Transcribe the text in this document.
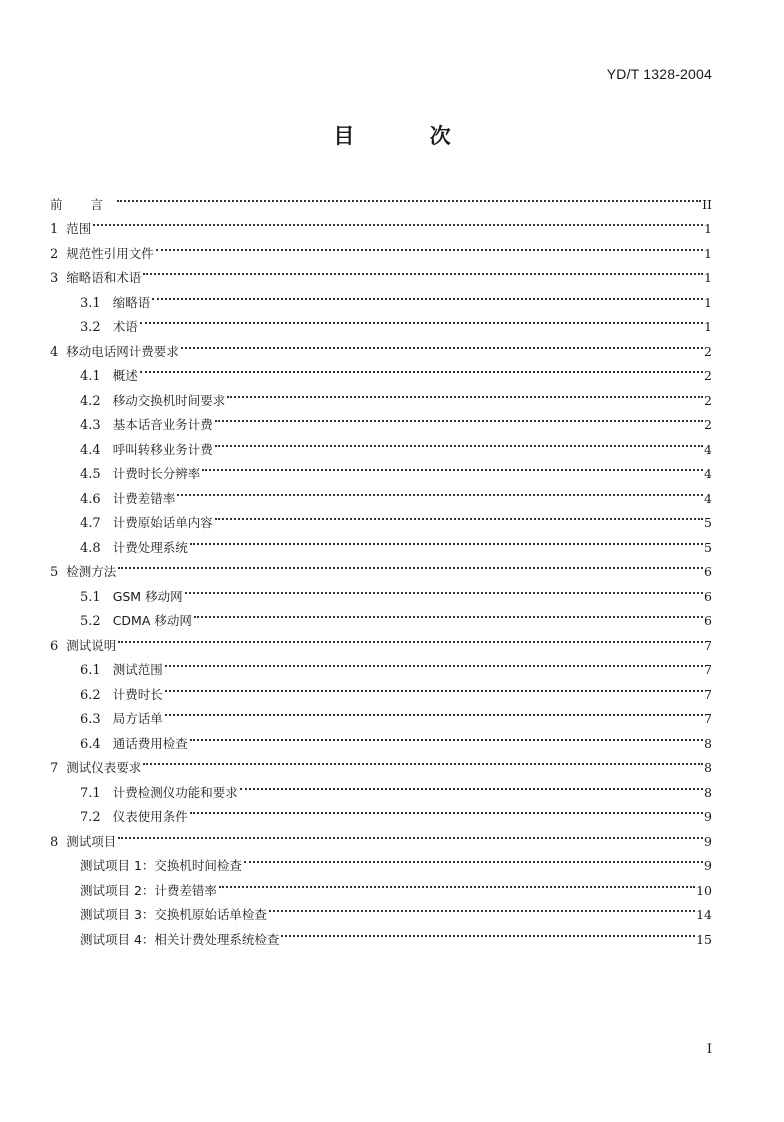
YD/T 1328-2004
目 次
前 言	II
1 范围	1
2 规范性引用文件	1
3 缩略语和术语	1
3.1 缩略语	1
3.2 术语	1
4 移动电话网计费要求	2
4.1 概述	2
4.2 移动交换机时间要求	2
4.3 基本话音业务计费	2
4.4 呼叫转移业务计费	4
4.5 计费时长分辨率	4
4.6 计费差错率	4
4.7 计费原始话单内容	5
4.8 计费处理系统	5
5 检测方法	6
5.1 GSM 移动网	6
5.2 CDMA 移动网	6
6 测试说明	7
6.1 测试范围	7
6.2 计费时长	7
6.3 局方话单	7
6.4 通话费用检查	8
7 测试仪表要求	8
7.1 计费检测仪功能和要求	8
7.2 仪表使用条件	9
8 测试项目	9
测试项目 1：交换机时间检查	9
测试项目 2：计费差错率	10
测试项目 3：交换机原始话单检查	14
测试项目 4：相关计费处理系统检查	15
I
